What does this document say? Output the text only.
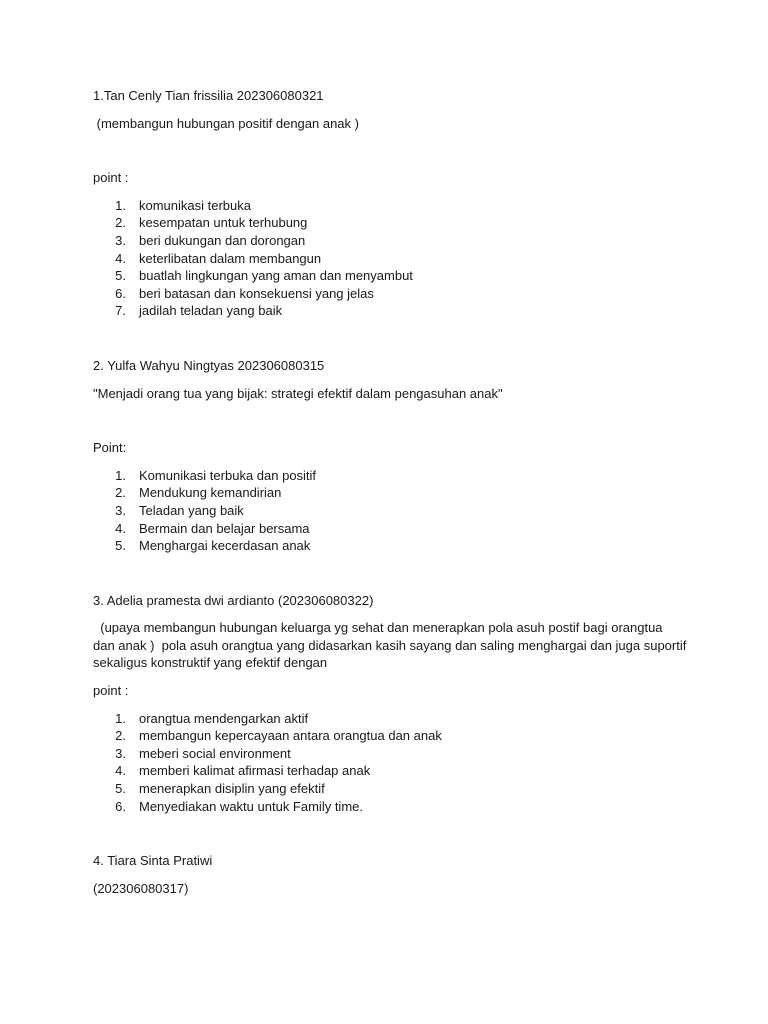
1.Tan Cenly Tian frissilia 202306080321

(membangun hubungan positif dengan anak )

point :

1. komunikasi terbuka
2. kesempatan untuk terhubung
3. beri dukungan dan dorongan
4. keterlibatan dalam membangun
5. buatlah lingkungan yang aman dan menyambut
6. beri batasan dan konsekuensi yang jelas
7. jadilah teladan yang baik

2. Yulfa Wahyu Ningtyas 202306080315

"Menjadi orang tua yang bijak: strategi efektif dalam pengasuhan anak"

Point:

1. Komunikasi terbuka dan positif
2. Mendukung kemandirian
3. Teladan yang baik
4. Bermain dan belajar bersama
5. Menghargai kecerdasan anak

3. Adelia pramesta dwi ardianto (202306080322)

(upaya membangun hubungan keluarga yg sehat dan menerapkan pola asuh postif bagi orangtua

dan anak )  pola asuh orangtua yang didasarkan kasih sayang dan saling menghargai dan juga suportif

sekaligus konstruktif yang efektif dengan

point :

1. orangtua mendengarkan aktif
2. membangun kepercayaan antara orangtua dan anak
3. meberi social environment
4. memberi kalimat afirmasi terhadap anak
5. menerapkan disiplin yang efektif
6. Menyediakan waktu untuk Family time.

4. Tiara Sinta Pratiwi

(202306080317)
